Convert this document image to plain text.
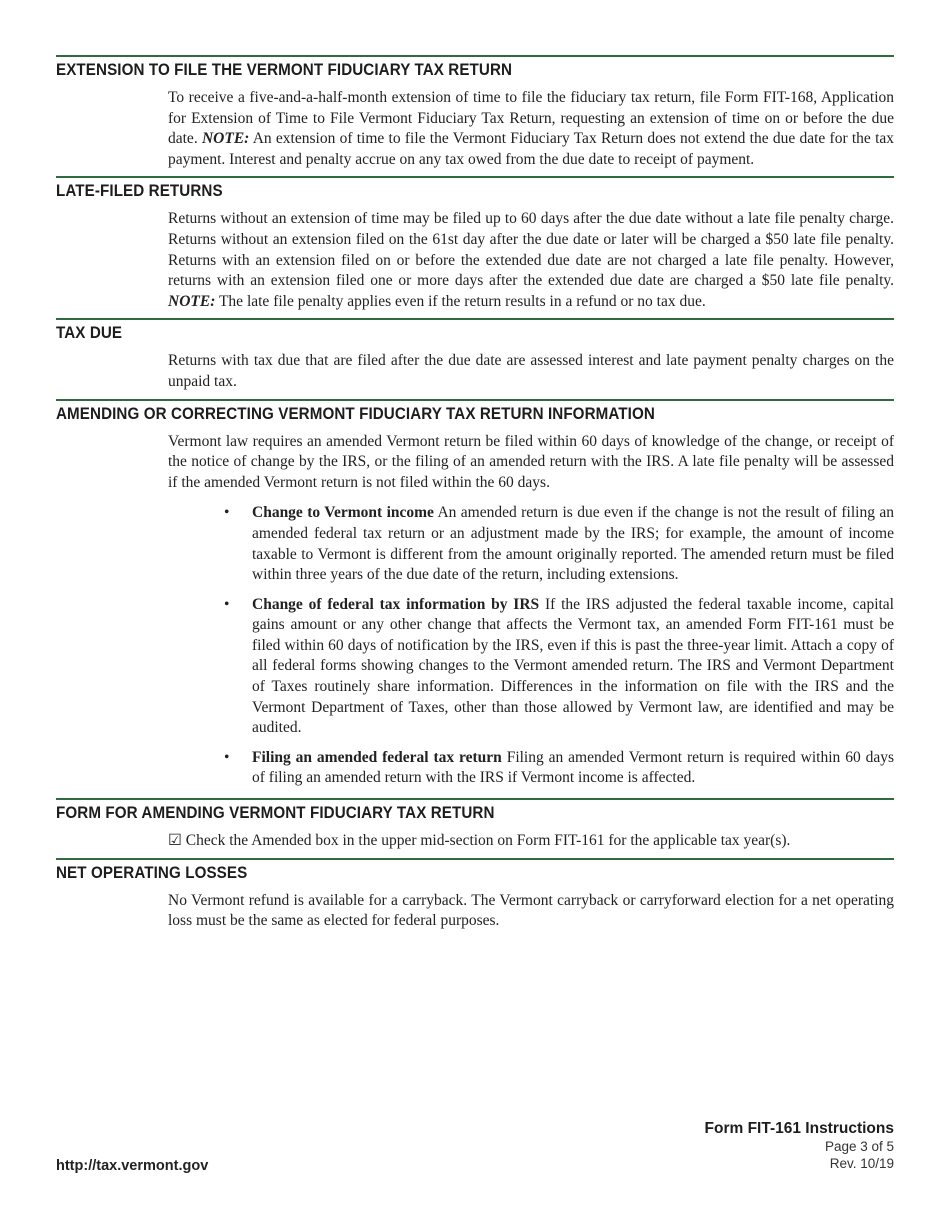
EXTENSION TO FILE THE VERMONT FIDUCIARY TAX RETURN

To receive a five-and-a-half-month extension of time to file the fiduciary tax return, file Form FIT-168, Application for Extension of Time to File Vermont Fiduciary Tax Return, requesting an extension of time on or before the due date. NOTE: An extension of time to file the Vermont Fiduciary Tax Return does not extend the due date for the tax payment. Interest and penalty accrue on any tax owed from the due date to receipt of payment.

LATE-FILED RETURNS

Returns without an extension of time may be filed up to 60 days after the due date without a late file penalty charge. Returns without an extension filed on the 61st day after the due date or later will be charged a $50 late file penalty. Returns with an extension filed on or before the extended due date are not charged a late file penalty. However, returns with an extension filed one or more days after the extended due date are charged a $50 late file penalty. NOTE: The late file penalty applies even if the return results in a refund or no tax due.

TAX DUE

Returns with tax due that are filed after the due date are assessed interest and late payment penalty charges on the unpaid tax.

AMENDING OR CORRECTING VERMONT FIDUCIARY TAX RETURN INFORMATION

Vermont law requires an amended Vermont return be filed within 60 days of knowledge of the change, or receipt of the notice of change by the IRS, or the filing of an amended return with the IRS. A late file penalty will be assessed if the amended Vermont return is not filed within the 60 days.

• Change to Vermont income An amended return is due even if the change is not the result of filing an amended federal tax return or an adjustment made by the IRS; for example, the amount of income taxable to Vermont is different from the amount originally reported. The amended return must be filed within three years of the due date of the return, including extensions.
• Change of federal tax information by IRS If the IRS adjusted the federal taxable income, capital gains amount or any other change that affects the Vermont tax, an amended Form FIT-161 must be filed within 60 days of notification by the IRS, even if this is past the three-year limit. Attach a copy of all federal forms showing changes to the Vermont amended return. The IRS and Vermont Department of Taxes routinely share information. Differences in the information on file with the IRS and the Vermont Department of Taxes, other than those allowed by Vermont law, are identified and may be audited.
• Filing an amended federal tax return Filing an amended Vermont return is required within 60 days of filing an amended return with the IRS if Vermont income is affected.
FORM FOR AMENDING VERMONT FIDUCIARY TAX RETURN

☑ Check the Amended box in the upper mid-section on Form FIT-161 for the applicable tax year(s).

NET OPERATING LOSSES

No Vermont refund is available for a carryback. The Vermont carryback or carryforward election for a net operating loss must be the same as elected for federal purposes.

http://tax.vermont.gov
Form FIT-161 Instructions
Page 3 of 5
Rev. 10/19
